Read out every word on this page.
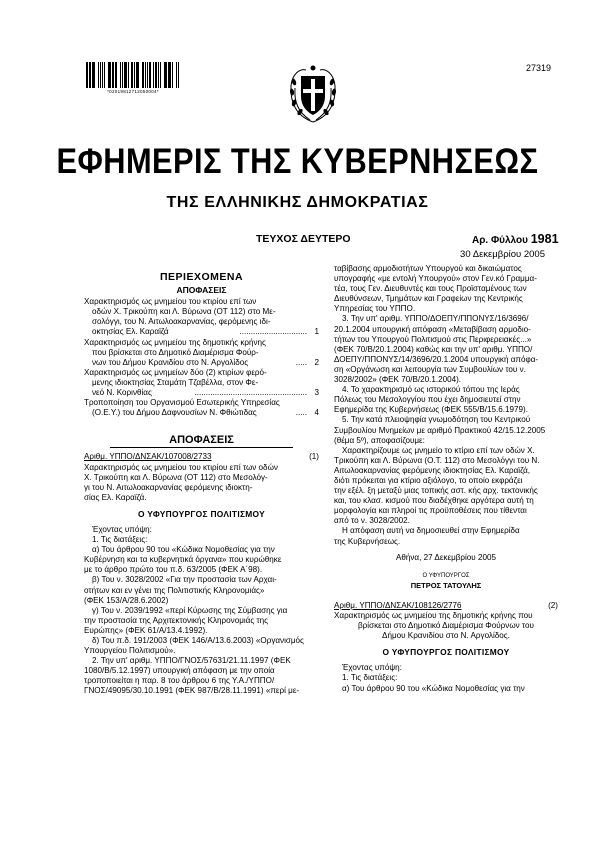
*02019812712050004*
27319
ΕΦΗΜΕΡΙΣ ΤΗΣ ΚΥΒΕΡΝΗΣΕΩΣ
ΤΗΣ ΕΛΛΗΝΙΚΗΣ ΔΗΜΟΚΡΑΤΙΑΣ
ΤΕΥΧΟΣ ΔΕΥΤΕΡΟ	Αρ. Φύλλου 1981
30 Δεκεμβρίου 2005
ΠΕΡΙΕΧΟΜΕΝΑ
ΑΠΟΦΑΣΕΙΣ
Χαρακτηρισμός ως μνημείου του κτιρίου επί των
οδών Χ. Τρικούπη και Λ. Βύρωνα (ΟΤ 112) στο Με-
σολόγγι, του Ν. Αιτωλοακαρνανίας, φερόμενης ιδι-
οκτησίας Ελ. Καραϊζά	.............................. 1
Χαρακτηρισμός ως μνημείου της δημοτικής κρήνης
που βρίσκεται στο Δημοτικό Διαμέρισμα Φούρ-
νων του Δήμου Κρανιδίου στο Ν. Αργολίδος	..... 2
Χαρακτηρισμός ως μνημείων δύο (2) κτιρίων φερό-
μενης ιδιοκτησίας Σταμάτη Τζαβέλλα, στον Φε-
νεό Ν. Κορινθίας	.................................................. 3
Τροποποίηση του Οργανισμού Εσωτερικής Υπηρεσίας
(Ο.Ε.Υ.) του Δήμου Δαφνουσίων Ν. Φθιώτιδας	..... 4
ΑΠΟΦΑΣΕΙΣ
Αριθμ. ΥΠΠΟ/ΔΝΣΑΚ/107008/2733	(1)
Χαρακτηρισμός ως μνημείου του κτιρίου επί των οδών
Χ. Τρικούπη και Λ. Βύρωνα (ΟΤ 112) στο Μεσολόγ-
γι του Ν. Αιτωλοακαρνανίας φερόμενης ιδιοκτη-
σίας Ελ. Καραϊζά.
Ο ΥΦΥΠΟΥΡΓΟΣ ΠΟΛΙΤΙΣΜΟΥ
Έχοντας υπόψη:
1. Τις διατάξεις:
α) Του άρθρου 90 του «Κώδικα Νομοθεσίας για την
Κυβέρνηση και τα κυβερνητικά όργανα» που κυρώθηκε
με το άρθρο πρώτο του π.δ. 63/2005 (ΦΕΚ Α΄98).
β) Του ν. 3028/2002 «Για την προστασία των Αρχαι-
οτήτων και εν γένει της Πολιτιστικής Κληρονομιάς»
(ΦΕΚ 153/Α/28.6.2002)
γ) Του ν. 2039/1992 «περί Κύρωσης της Σύμβασης για
την προστασία της Αρχιτεκτονικής Κληρονομιάς της
Ευρώπης» (ΦΕΚ 61/Α/13.4.1992).
δ) Του π.δ. 191/2003 (ΦΕΚ 146/Α/13.6.2003) «Οργανισμός
Υπουργείου Πολιτισμού».
2. Την υπ' αριθμ. ΥΠΠΟ/ΓΝΟΣ/57631/21.11.1997 (ΦΕΚ
1080/Β/5.12.1997) υπουργική απόφαση με την οποία
τροποποιείται η παρ. 8 του άρθρου 6 της Υ.Α./ΥΠΠΟ/
ΓΝΟΣ/49095/30.10.1991 (ΦΕΚ 987/Β/28.11.1991) «περί με-
ταβίβασης αρμοδιοτήτων Υπουργού και δικαιώματος
υπογραφής «με εντολή Υπουργού» στον Γεν.κό Γραμμα-
τέα, τους Γεν. Διευθυντές και τους Προϊσταμένους των
Διευθύνσεων, Τμημάτων και Γραφείων της Κεντρικής
Υπηρεσίας του ΥΠΠΟ.
3. Την υπ' αριθμ. ΥΠΠΟ/ΔΟΕΠΥ/ΠΠΟΝΥΣ/16/3696/
20.1.2004 υπουργική απόφαση «Μεταβίβαση αρμοδιο-
τήτων του Υπουργού Πολιτισμού στις Περιφερειακές...»
(ΦΕΚ 70/Β/20.1.2004) καθώς και την υπ' αριθμ. ΥΠΠΟ/
ΔΟΕΠΥ/ΠΠΟΝΥΣ/14/3696/20.1.2004 υπουργική απόφα-
ση «Οργάνωση και λειτουργία των Συμβουλίων του ν.
3028/2002» (ΦΕΚ 70/Β/20.1.2004).
4. Το χαρακτηρισμό ως ιστορικού τόπου της Ιεράς
Πόλεως του Μεσολογγίου που έχει δημοσιευτεί στην
Εφημερίδα της Κυβερνήσεως (ΦΕΚ 555/Β/15.6.1979).
5. Την κατά πλειοψηφία γνωμοδότηση του Κεντρικού
Συμβουλίου Μνημείων με αριθμό Πρακτικού 42/15.12.2005
(θέμα 5º), αποφασίζουμε:
Χαρακτηρίζουμε ως μνημείο το κτίριο επί των οδών Χ.
Τρικούπη και Λ. Βύρωνα (Ο.Τ. 112) στο Μεσολόγγι του Ν.
Αιτωλοακαρνανίας φερόμενης ιδιοκτησίας Ελ. Καραϊζά,
διότι πρόκειται για κτίριο αξιόλογο, το οποίο εκφράζει
την εξέλ. ξη μεταξύ μιας τοπικής αστ. κής αρχ. τεκτονικής
και, του κλασ. κισμού που διαδέχθηκε αργότερα αυτή τη
μορφολογία και πληροί τις προϋποθέσεις που τίθενται
από το ν. 3028/2002.
Η απόφαση αυτή να δημοσιευθεί στην Εφημερίδα
της Κυβερνήσεως.
Αθήνα, 27 Δεκεμβρίου 2005
Ο ΥΦΥΠΟΥΡΓΟΣ
ΠΕΤΡΟΣ ΤΑΤΟΥΛΗΣ
Αριθμ. ΥΠΠΟ/ΔΝΣΑΚ/108126/2776	(2)
Χαρακτηρισμός ως μνημείου της δημοτικής κρήνης που
βρίσκεται στο Δημοτικό Διαμέρισμα Φούρνων του
Δήμου Κρανιδίου στο Ν. Αργολίδος.
Ο ΥΦΥΠΟΥΡΓΟΣ ΠΟΛΙΤΙΣΜΟΥ
Έχοντας υπόψη:
1. Τις διατάξεις:
α) Του άρθρου 90 του «Κώδικα Νομοθεσίας για την
